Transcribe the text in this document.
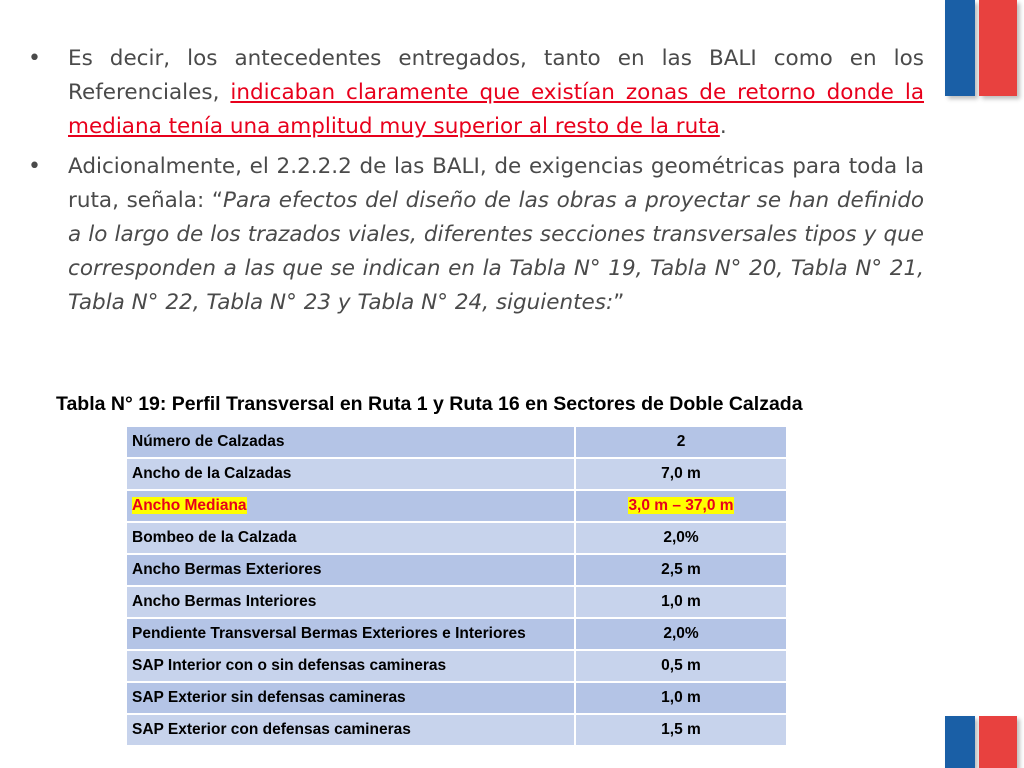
•	Es decir, los antecedentes entregados, tanto en las BALI como en los Referenciales, indicaban claramente que existían zonas de retorno donde la mediana tenía una amplitud muy superior al resto de la ruta.
•	Adicionalmente, el 2.2.2.2 de las BALI, de exigencias geométricas para toda la ruta, señala: “Para efectos del diseño de las obras a proyectar se han definido a lo largo de los trazados viales, diferentes secciones transversales tipos y que corresponden a las que se indican en la Tabla N° 19, Tabla N° 20, Tabla N° 21, Tabla N° 22, Tabla N° 23 y Tabla N° 24, siguientes:”
Tabla N° 19: Perfil Transversal en Ruta 1 y Ruta 16 en Sectores de Doble Calzada
Número de Calzadas	2
Ancho de la Calzadas	7,0 m
Ancho Mediana	3,0 m – 37,0 m
Bombeo de la Calzada	2,0%
Ancho Bermas Exteriores	2,5 m
Ancho Bermas Interiores	1,0 m
Pendiente Transversal Bermas Exteriores e Interiores	2,0%
SAP Interior con o sin defensas camineras	0,5 m
SAP Exterior sin defensas camineras	1,0 m
SAP Exterior con defensas camineras	1,5 m
